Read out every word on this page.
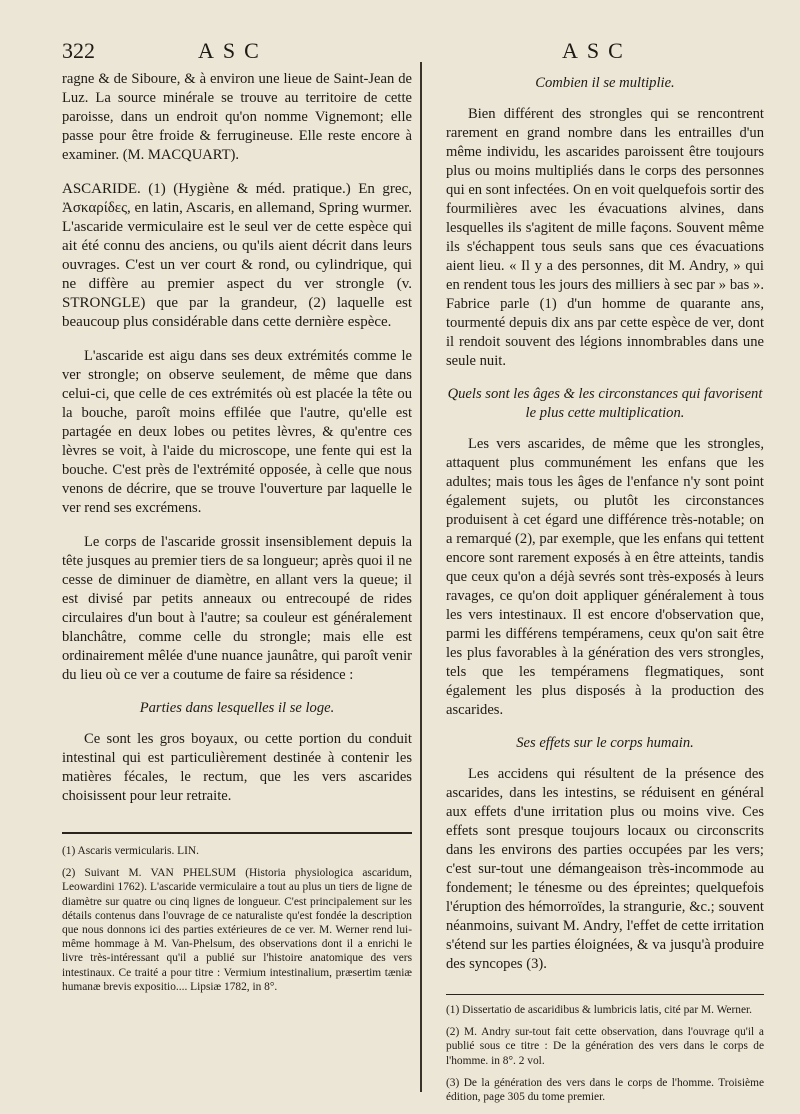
322	ASC	ASC

ragne & de Siboure, & à environ une lieue de Saint-Jean de Luz. La source minérale se trouve au territoire de cette paroisse, dans un endroit qu'on nomme Vignemont; elle passe pour être froide & ferrugineuse. Elle reste encore à examiner. (M. MACQUART).

ASCARIDE. (1) (Hygiène & méd. pratique.) En grec, Ἀσκαρίδες, en latin, Ascaris, en allemand, Spring wurmer. L'ascaride vermiculaire est le seul ver de cette espèce qui ait été connu des anciens, ou qu'ils aient décrit dans leurs ouvrages. C'est un ver court & rond, ou cylindrique, qui ne diffère au premier aspect du ver strongle (v. STRONGLE) que par la grandeur, (2) laquelle est beaucoup plus considérable dans cette dernière espèce.

L'ascaride est aigu dans ses deux extrémités comme le ver strongle; on observe seulement, de même que dans celui-ci, que celle de ces extrémités où est placée la tête ou la bouche, paroît moins effilée que l'autre, qu'elle est partagée en deux lobes ou petites lèvres, & qu'entre ces lèvres se voit, à l'aide du microscope, une fente qui est la bouche. C'est près de l'extrémité opposée, à celle que nous venons de décrire, que se trouve l'ouverture par laquelle le ver rend ses excrémens.

Le corps de l'ascaride grossit insensiblement depuis la tête jusques au premier tiers de sa longueur; après quoi il ne cesse de diminuer de diamètre, en allant vers la queue; il est divisé par petits anneaux ou entrecoupé de rides circulaires d'un bout à l'autre; sa couleur est généralement blanchâtre, comme celle du strongle; mais elle est ordinairement mêlée d'une nuance jaunâtre, qui paroît venir du lieu où ce ver a coutume de faire sa résidence :

Parties dans lesquelles il se loge.

Ce sont les gros boyaux, ou cette portion du conduit intestinal qui est particulièrement destinée à contenir les matières fécales, le rectum, que les vers ascarides choisissent pour leur retraite.

(1) Ascaris vermicularis. LIN.

(2) Suivant M. VAN PHELSUM (Historia physiologica ascaridum, Leowardini 1762). L'ascaride vermiculaire a tout au plus un tiers de ligne de diamètre sur quatre ou cinq lignes de longueur. C'est principalement sur les détails contenus dans l'ouvrage de ce naturaliste qu'est fondée la description que nous donnons ici des parties extérieures de ce ver. M. Werner rend lui-même hommage à M. Van-Phelsum, des observations dont il a enrichi le livre très-intéressant qu'il a publié sur l'histoire anatomique des vers intestinaux. Ce traité a pour titre : Vermium intestinalium, præsertim tæniæ humanæ brevis expositio.... Lipsiæ 1782, in 8°.

Combien il se multiplie.

Bien différent des strongles qui se rencontrent rarement en grand nombre dans les entrailles d'un même individu, les ascarides paroissent être toujours plus ou moins multipliés dans le corps des personnes qui en sont infectées. On en voit quelquefois sortir des fourmilières avec les évacuations alvines, dans lesquelles ils s'agitent de mille façons. Souvent même ils s'échappent tous seuls sans que ces évacuations aient lieu. « Il y a des personnes, dit M. Andry, » qui en rendent tous les jours des milliers à sec par » bas ». Fabrice parle (1) d'un homme de quarante ans, tourmenté depuis dix ans par cette espèce de ver, dont il rendoit souvent des légions innombrables dans une seule nuit.

Quels sont les âges & les circonstances qui favorisent le plus cette multiplication.

Les vers ascarides, de même que les strongles, attaquent plus communément les enfans que les adultes; mais tous les âges de l'enfance n'y sont point également sujets, ou plutôt les circonstances produisent à cet égard une différence très-notable; on a remarqué (2), par exemple, que les enfans qui tettent encore sont rarement exposés à en être atteints, tandis que ceux qu'on a déjà sevrés sont très-exposés à leurs ravages, ce qu'on doit appliquer généralement à tous les vers intestinaux. Il est encore d'observation que, parmi les différens tempéramens, ceux qu'on sait être les plus favorables à la génération des vers strongles, tels que les tempéramens flegmatiques, sont également les plus disposés à la production des ascarides.

Ses effets sur le corps humain.

Les accidens qui résultent de la présence des ascarides, dans les intestins, se réduisent en général aux effets d'une irritation plus ou moins vive. Ces effets sont presque toujours locaux ou circonscrits dans les environs des parties occupées par les vers; c'est sur-tout une démangeaison très-incommode au fondement; le ténesme ou des épreintes; quelquefois l'éruption des hémorroïdes, la strangurie, &c.; souvent néanmoins, suivant M. Andry, l'effet de cette irritation s'étend sur les parties éloignées, & va jusqu'à produire des syncopes (3).

(1) Dissertatio de ascaridibus & lumbricis latis, cité par M. Werner.

(2) M. Andry sur-tout fait cette observation, dans l'ouvrage qu'il a publié sous ce titre : De la génération des vers dans le corps de l'homme. in 8°. 2 vol.

(3) De la génération des vers dans le corps de l'homme. Troisième édition, page 305 du tome premier.
